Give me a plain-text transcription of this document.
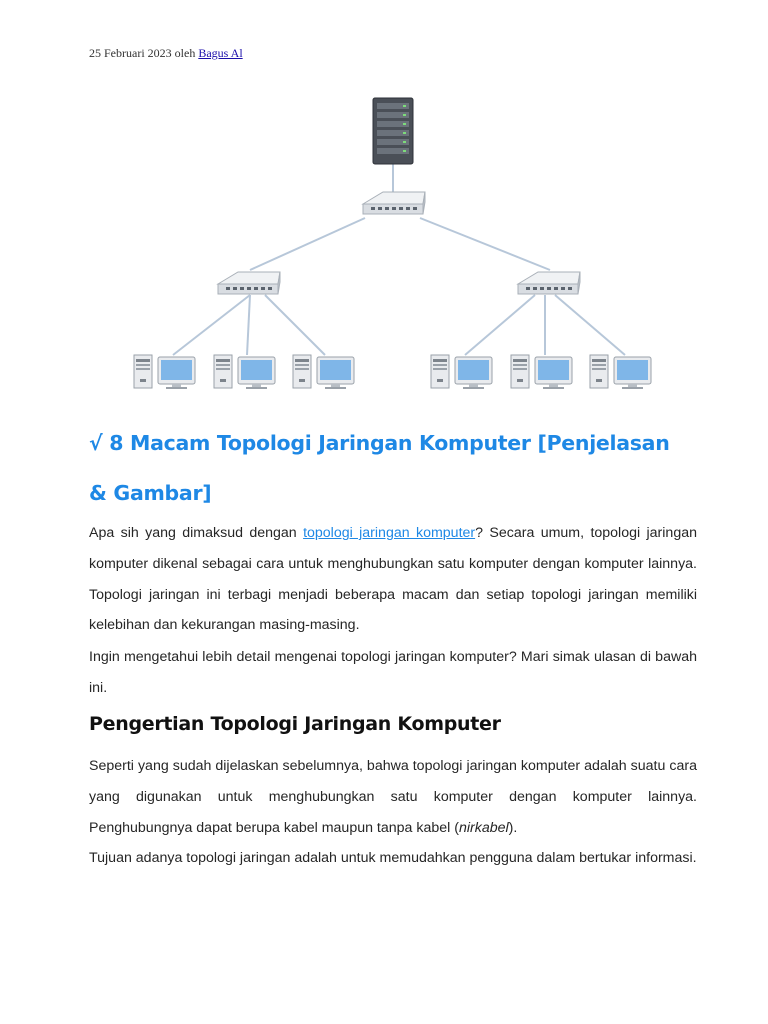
25 Februari 2023 oleh Bagus Al
√ 8 Macam Topologi Jaringan Komputer [Penjelasan & Gambar]

Apa sih yang dimaksud dengan topologi jaringan komputer? Secara umum, topologi jaringan komputer dikenal sebagai cara untuk menghubungkan satu komputer dengan komputer lainnya. Topologi jaringan ini terbagi menjadi beberapa macam dan setiap topologi jaringan memiliki kelebihan dan kekurangan masing-masing.

Ingin mengetahui lebih detail mengenai topologi jaringan komputer? Mari simak ulasan di bawah ini.

Pengertian Topologi Jaringan Komputer

Seperti yang sudah dijelaskan sebelumnya, bahwa topologi jaringan komputer adalah suatu cara yang digunakan untuk menghubungkan satu komputer dengan komputer lainnya. Penghubungnya dapat berupa kabel maupun tanpa kabel (nirkabel).

Tujuan adanya topologi jaringan adalah untuk memudahkan pengguna dalam bertukar informasi.
